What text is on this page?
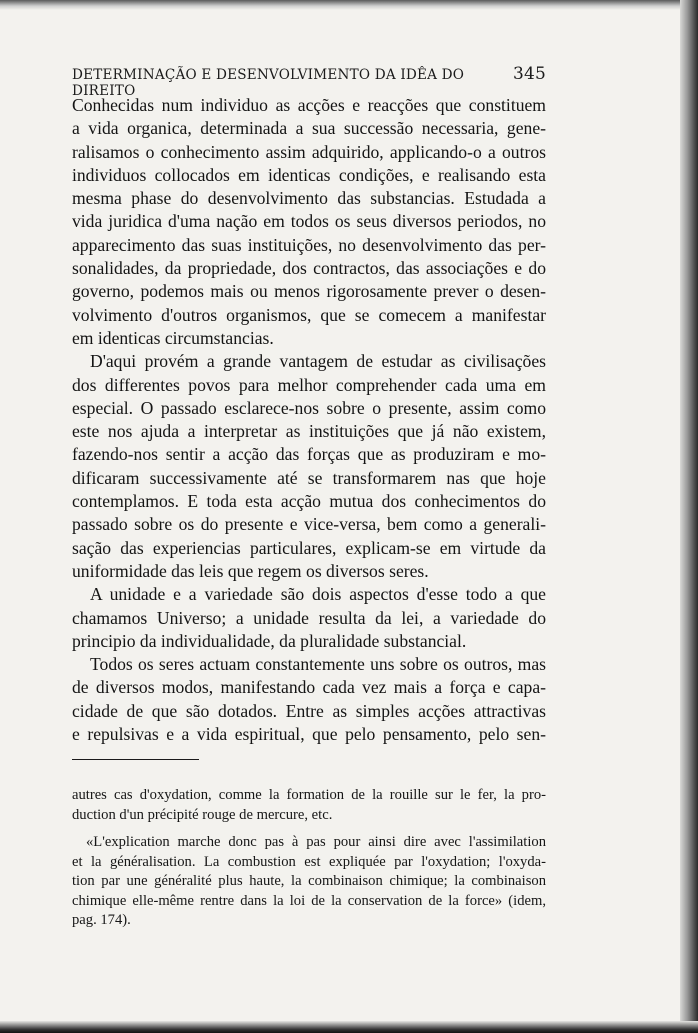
DETERMINAÇÃO E DESENVOLVIMENTO DA IDÊA DO DIREITO
345
Conhecidas num individuo as acções e reacções que constituem
a vida organica, determinada a sua successão necessaria, gene-
ralisamos o conhecimento assim adquirido, applicando-o a outros
individuos collocados em identicas condições, e realisando esta
mesma phase do desenvolvimento das substancias. Estudada a
vida juridica d'uma nação em todos os seus diversos periodos, no
apparecimento das suas instituições, no desenvolvimento das per-
sonalidades, da propriedade, dos contractos, das associações e do
governo, podemos mais ou menos rigorosamente prever o desen-
volvimento d'outros organismos, que se comecem a manifestar
em identicas circumstancias.
D'aqui provém a grande vantagem de estudar as civilisações
dos differentes povos para melhor comprehender cada uma em
especial. O passado esclarece-nos sobre o presente, assim como
este nos ajuda a interpretar as instituições que já não existem,
fazendo-nos sentir a acção das forças que as produziram e mo-
dificaram successivamente até se transformarem nas que hoje
contemplamos. E toda esta acção mutua dos conhecimentos do
passado sobre os do presente e vice-versa, bem como a generali-
sação das experiencias particulares, explicam-se em virtude da
uniformidade das leis que regem os diversos seres.
A unidade e a variedade são dois aspectos d'esse todo a que
chamamos Universo; a unidade resulta da lei, a variedade do
principio da individualidade, da pluralidade substancial.
Todos os seres actuam constantemente uns sobre os outros, mas
de diversos modos, manifestando cada vez mais a força e capa-
cidade de que são dotados. Entre as simples acções attractivas
e repulsivas e a vida espiritual, que pelo pensamento, pelo sen-
autres cas d'oxydation, comme la formation de la rouille sur le fer, la pro-
duction d'un précipité rouge de mercure, etc.
«L'explication marche donc pas à pas pour ainsi dire avec l'assimilation
et la généralisation. La combustion est expliquée par l'oxydation; l'oxyda-
tion par une généralité plus haute, la combinaison chimique; la combinaison
chimique elle-même rentre dans la loi de la conservation de la force» (idem,
pag. 174).
